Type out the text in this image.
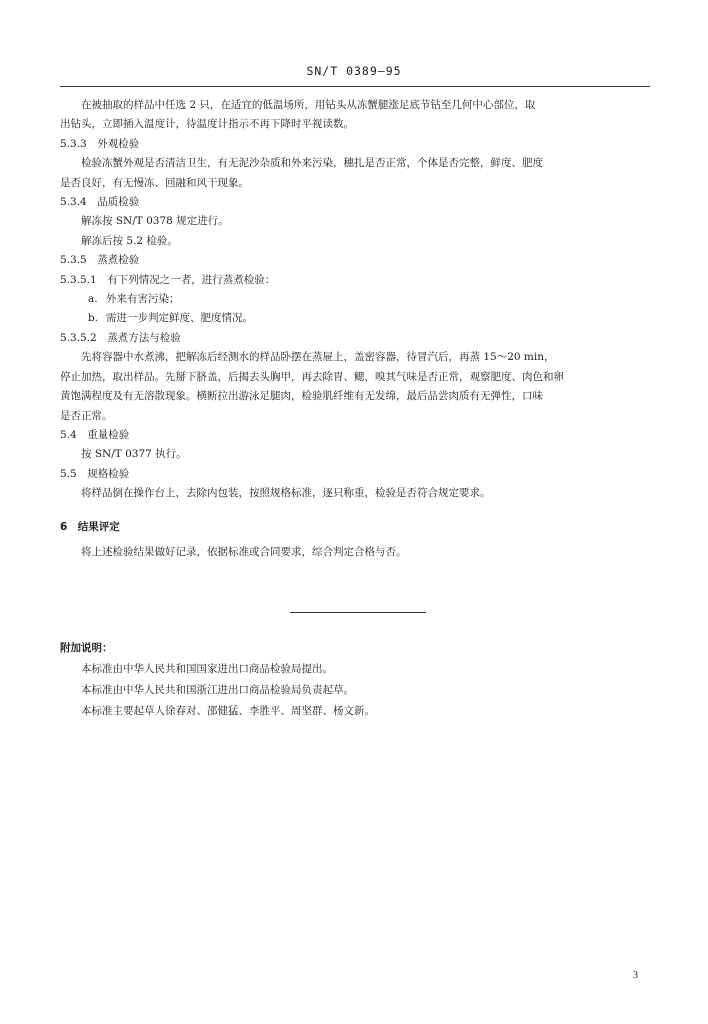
SN/T 0389—95

在被抽取的样品中任选 2 只，在适宜的低温场所，用钻头从冻蟹腿涨足底节钻至几何中心部位，取

出钻头，立即插入温度计，待温度计指示不再下降时平视读数。

5.3.3　外观检验

检验冻蟹外观是否清洁卫生，有无泥沙杂质和外来污染，穗扎是否正常，个体是否完整，鲜度、肥度

是否良好，有无慢冻、回融和风干现象。

5.3.4　品质检验

解冻按 SN/T 0378 规定进行。

解冻后按 5.2 检验。

5.3.5　蒸煮检验

5.3.5.1　有下列情况之一者，进行蒸煮检验：

a. 外来有害污染；

b. 需进一步判定鲜度、肥度情况。

5.3.5.2　蒸煮方法与检验

先将容器中水煮沸，把解冻后经测水的样品卧摆在蒸屉上，盖密容器，待冒汽后，再蒸 15～20 min，

停止加热，取出样品。先掰下脐盖，后揭去头胸甲，再去除胃、鳃，嗅其气味是否正常，观察肥度、肉色和卵

黄饱满程度及有无溶散现象。横断拉出游泳足腿肉，检验肌纤维有无发绵，最后品尝肉质有无弹性，口味

是否正常。

5.4　重量检验

按 SN/T 0377 执行。

5.5　规格检验

将样品倒在操作台上，去除内包装，按照规格标准，逐只称重，检验是否符合规定要求。

6　结果评定

将上述检验结果做好记录，依据标准或合同要求，综合判定合格与否。

附加说明：

本标准由中华人民共和国国家进出口商品检验局提出。

本标准由中华人民共和国浙江进出口商品检验局负责起草。

本标准主要起草人徐春对、邵健猛、李胜平、周坚群、杨文新。

3
